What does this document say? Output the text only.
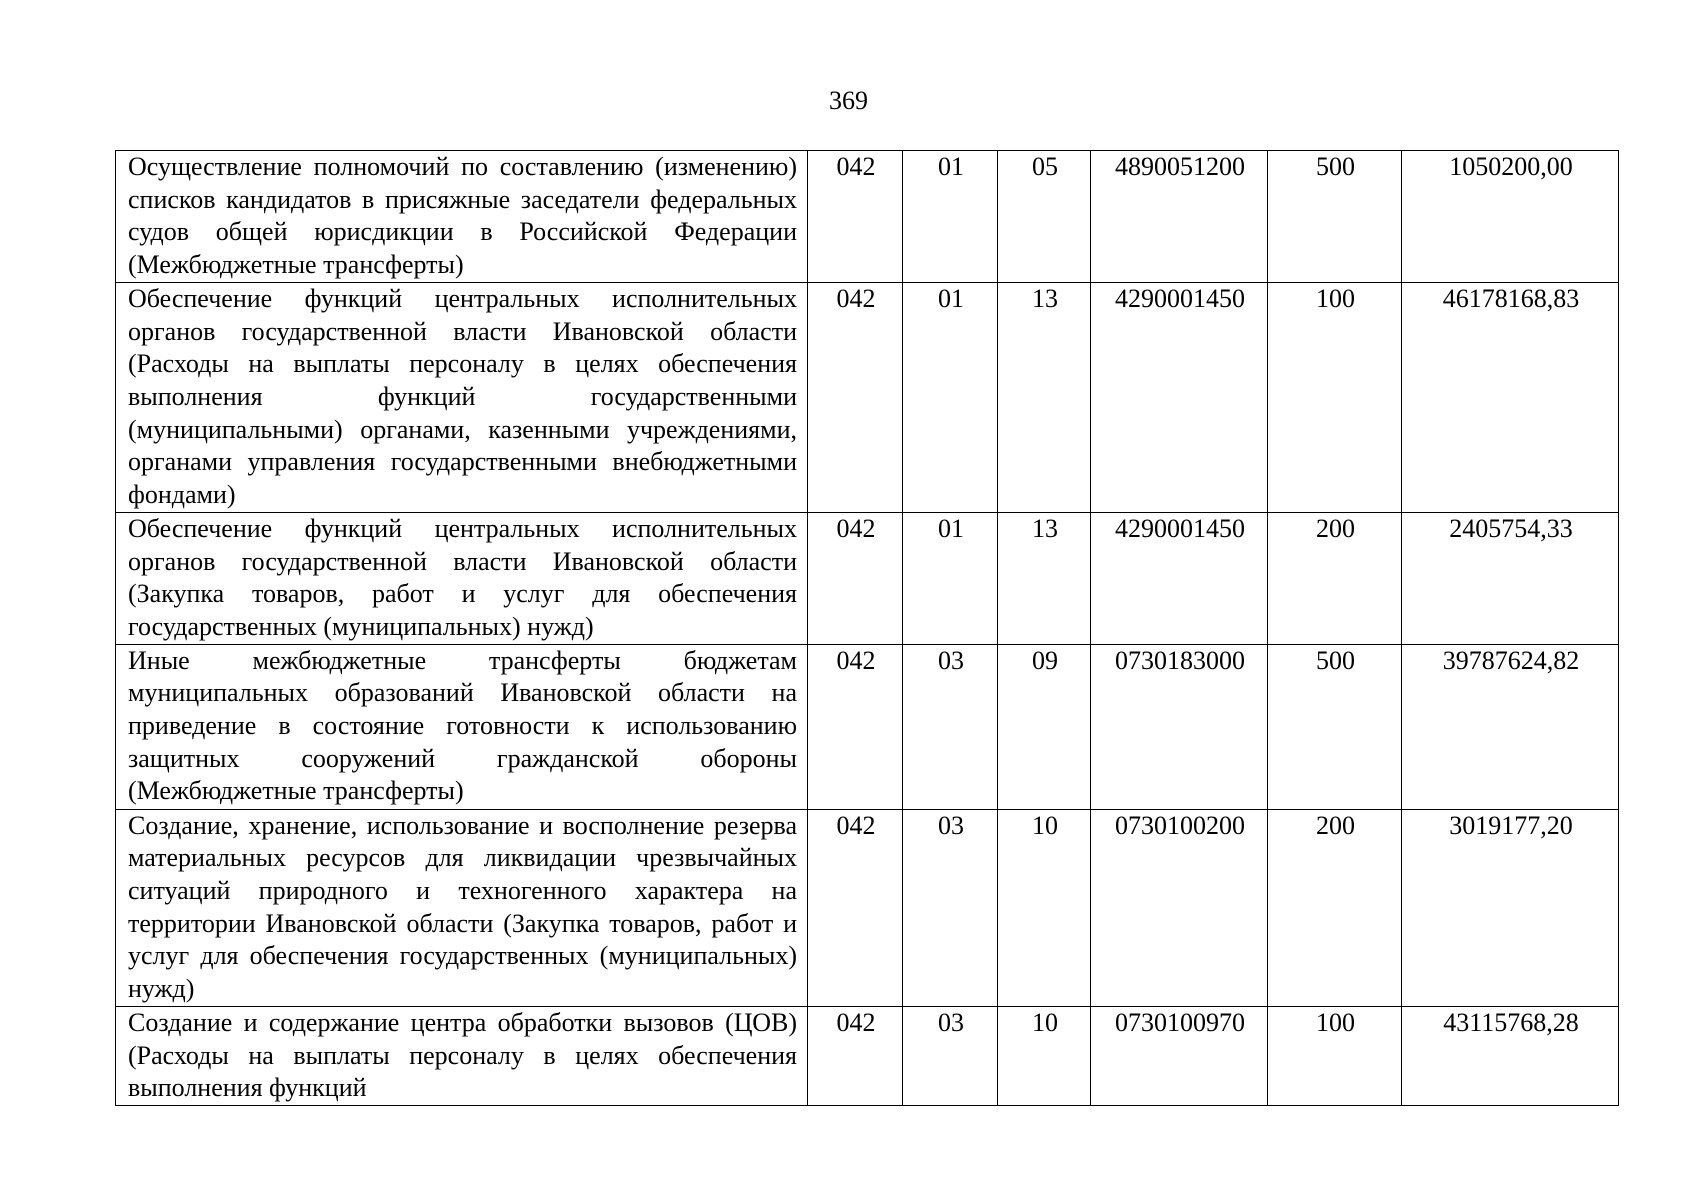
369
Осуществление полномочий по составлению (изменению) списков кандидатов в присяжные заседатели федеральных судов общей юрисдикции в Российской Федерации (Межбюджетные трансферты)	042	01	05	4890051200	500	1050200,00
Обеспечение функций центральных исполнительных органов государственной власти Ивановской области (Расходы на выплаты персоналу в целях обеспечения выполнения функций государственными (муниципальными) органами, казенными учреждениями, органами управления государственными внебюджетными фондами)	042	01	13	4290001450	100	46178168,83
Обеспечение функций центральных исполнительных органов государственной власти Ивановской области (Закупка товаров, работ и услуг для обеспечения государственных (муниципальных) нужд)	042	01	13	4290001450	200	2405754,33
Иные межбюджетные трансферты бюджетам муниципальных образований Ивановской области на приведение в состояние готовности к использованию защитных сооружений гражданской обороны (Межбюджетные трансферты)	042	03	09	0730183000	500	39787624,82
Создание, хранение, использование и восполнение резерва материальных ресурсов для ликвидации чрезвычайных ситуаций природного и техногенного характера на территории Ивановской области (Закупка товаров, работ и услуг для обеспечения государственных (муниципальных) нужд)	042	03	10	0730100200	200	3019177,20
Создание и содержание центра обработки вызовов (ЦОВ) (Расходы на выплаты персоналу в целях обеспечения выполнения функций	042	03	10	0730100970	100	43115768,28
